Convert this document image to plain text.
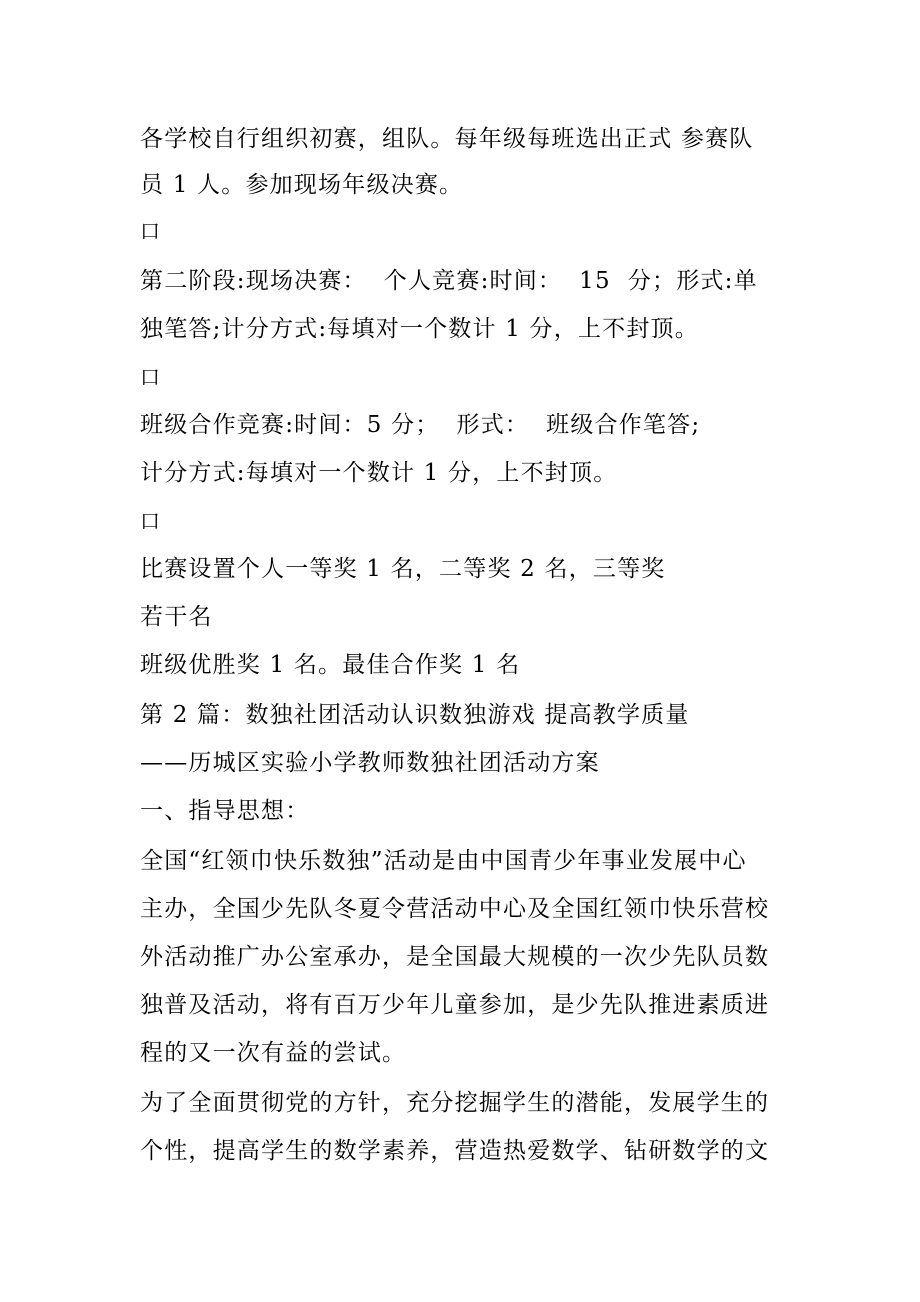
各学校自行组织初赛，组队。每年级每班选出正式 参赛队
员 1 人。参加现场年级决赛。
口
第二阶段:现场决赛：  个人竞赛:时间：  15  分；形式:单
独笔答;计分方式:每填对一个数计 1 分，上不封顶。
口
班级合作竞赛:时间：5 分；  形式：  班级合作笔答;
计分方式:每填对一个数计 1 分，上不封顶。
口
比赛设置个人一等奖 1 名，二等奖 2 名，三等奖
若干名
班级优胜奖 1 名。最佳合作奖 1 名
第 2 篇：数独社团活动认识数独游戏 提高教学质量
——历城区实验小学教师数独社团活动方案
一、指导思想：
全国“红领巾快乐数独”活动是由中国青少年事业发展中心
主办，全国少先队冬夏令营活动中心及全国红领巾快乐营校
外活动推广办公室承办，是全国最大规模的一次少先队员数
独普及活动，将有百万少年儿童参加，是少先队推进素质进
程的又一次有益的尝试。
为了全面贯彻党的方针，充分挖掘学生的潜能，发展学生的
个性，提高学生的数学素养，营造热爱数学、钻研数学的文
